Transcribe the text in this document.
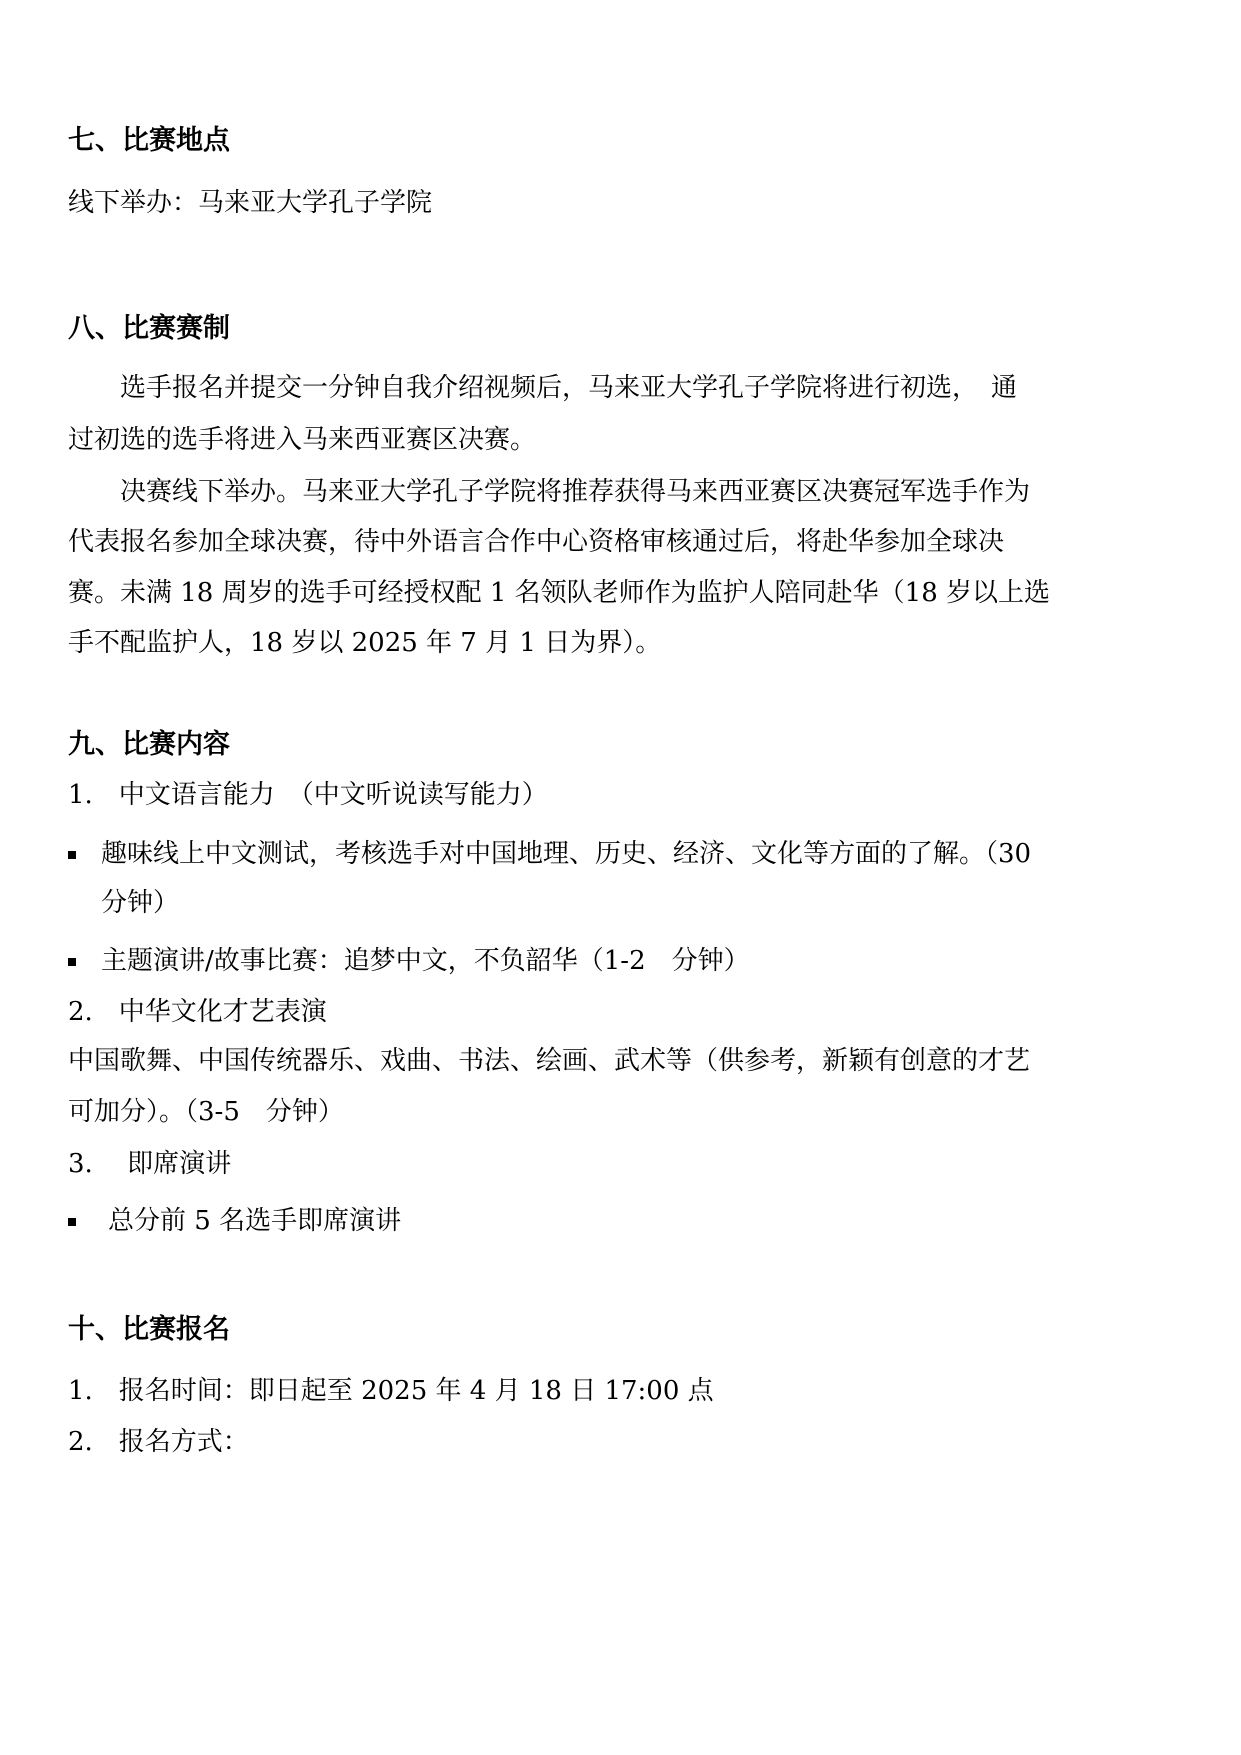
七、比赛地点
线下举办：马来亚大学孔子学院
八、比赛赛制
选手报名并提交一分钟自我介绍视频后，马来亚大学孔子学院将进行初选，　通
过初选的选手将进入马来西亚赛区决赛。
决赛线下举办。马来亚大学孔子学院将推荐获得马来西亚赛区决赛冠军选手作为
代表报名参加全球决赛，待中外语言合作中心资格审核通过后，将赴华参加全球决
赛。未满 18 周岁的选手可经授权配 1 名领队老师作为监护人陪同赴华（18 岁以上选
手不配监护人，18 岁以 2025 年 7 月 1 日为界）。
九、比赛内容
1.　中文语言能力　（中文听说读写能力）
趣味线上中文测试，考核选手对中国地理、历史、经济、文化等方面的了解。（30
分钟）
主题演讲/故事比赛：追梦中文，不负韶华（1-2　分钟）
2.　中华文化才艺表演
中国歌舞、中国传统器乐、戏曲、书法、绘画、武术等（供参考，新颖有创意的才艺
可加分）。（3-5　分钟）
3.　 即席演讲
总分前 5 名选手即席演讲
十、比赛报名
1.　报名时间：即日起至 2025 年 4 月 18 日 17:00 点
2.　报名方式：
